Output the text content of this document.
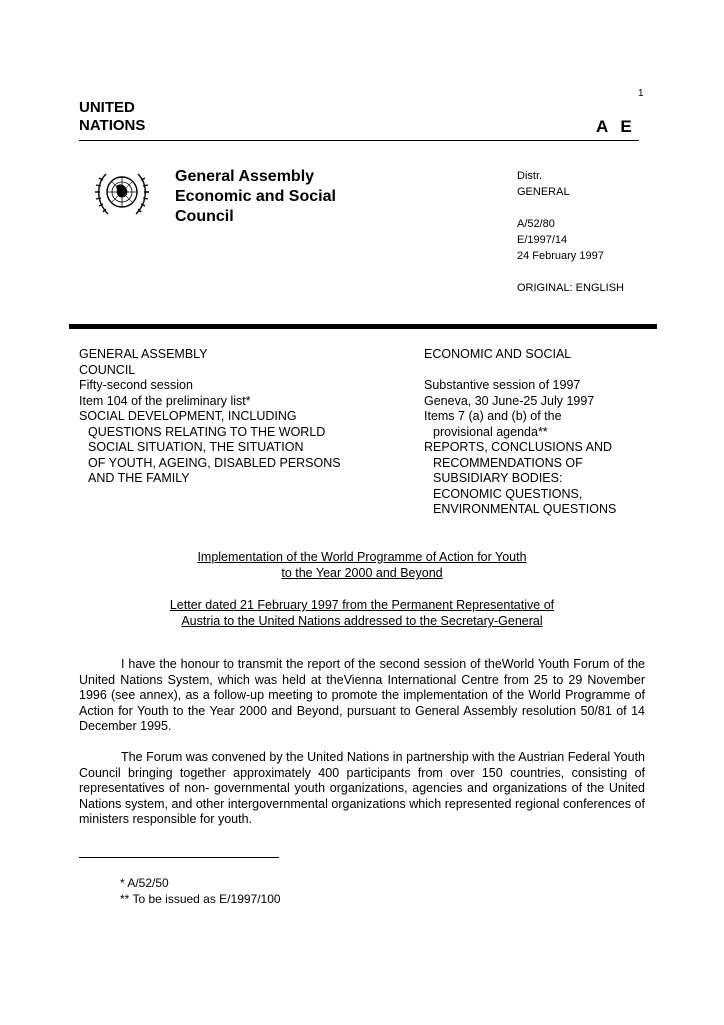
1
UNITED
NATIONS	A E
General Assembly
Economic and Social
Council
Distr.
GENERAL
A/52/80
E/1997/14
24 February 1997
ORIGINAL: ENGLISH
GENERAL ASSEMBLY
COUNCIL
Fifty-second session
Item 104 of the preliminary list*
SOCIAL DEVELOPMENT, INCLUDING
QUESTIONS RELATING TO THE WORLD
SOCIAL SITUATION, THE SITUATION
OF YOUTH, AGEING, DISABLED PERSONS
AND THE FAMILY
ECONOMIC AND SOCIAL
Substantive session of 1997
Geneva, 30 June-25 July 1997
Items 7 (a) and (b) of the
provisional agenda**
REPORTS, CONCLUSIONS AND
RECOMMENDATIONS OF
SUBSIDIARY BODIES:
ECONOMIC QUESTIONS,
ENVIRONMENTAL QUESTIONS
Implementation of the World Programme of Action for Youth
to the Year 2000 and Beyond
Letter dated 21 February 1997 from the Permanent Representative of
Austria to the United Nations addressed to the Secretary-General
I have the honour to transmit the report of the second session of theWorld Youth Forum of the United Nations System, which was held at theVienna International Centre from 25 to 29 November 1996 (see annex), as a follow-up meeting to promote the implementation of the World Programme of Action for Youth to the Year 2000 and Beyond, pursuant to General Assembly resolution 50/81 of 14 December 1995.
The Forum was convened by the United Nations in partnership with the Austrian Federal Youth Council bringing together approximately 400 participants from over 150 countries, consisting of representatives of non- governmental youth organizations, agencies and organizations of the United Nations system, and other intergovernmental organizations which represented regional conferences of ministers responsible for youth.
* A/52/50
** To be issued as E/1997/100
